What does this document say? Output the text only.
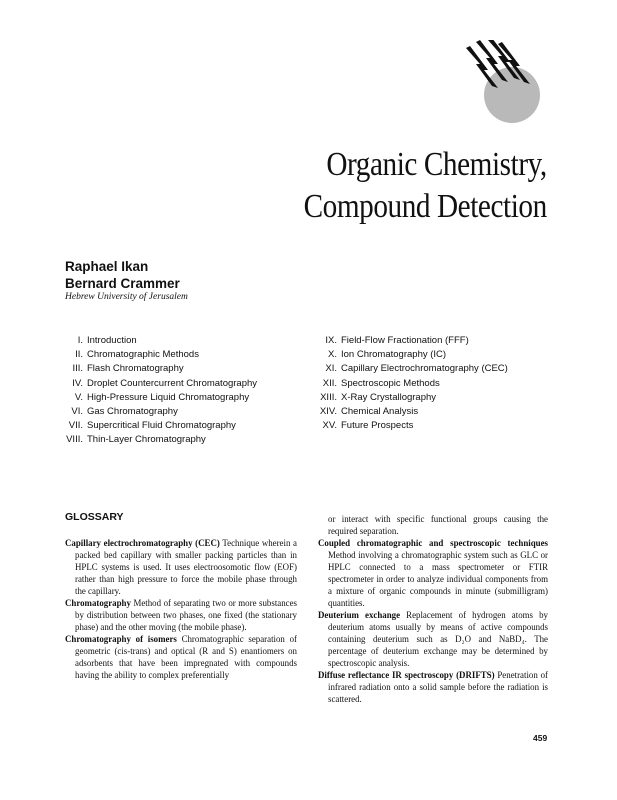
Organic Chemistry,
Compound Detection
Raphael Ikan
Bernard Crammer
Hebrew University of Jerusalem
I. Introduction
II. Chromatographic Methods
III. Flash Chromatography
IV. Droplet Countercurrent Chromatography
V. High-Pressure Liquid Chromatography
VI. Gas Chromatography
VII. Supercritical Fluid Chromatography
VIII. Thin-Layer Chromatography
IX. Field-Flow Fractionation (FFF)
X. Ion Chromatography (IC)
XI. Capillary Electrochromatography (CEC)
XII. Spectroscopic Methods
XIII. X-Ray Crystallography
XIV. Chemical Analysis
XV. Future Prospects
GLOSSARY

Capillary electrochromatography (CEC) Technique wherein a packed bed capillary with smaller packing particles than in HPLC systems is used. It uses electroosomotic flow (EOF) rather than high pressure to force the mobile phase through the capillary.

Chromatography Method of separating two or more substances by distribution between two phases, one fixed (the stationary phase) and the other moving (the mobile phase).

Chromatography of isomers Chromatographic separation of geometric (cis-trans) and optical (R and S) enantiomers on adsorbents that have been impregnated with compounds having the ability to complex preferentially

or interact with specific functional groups causing the required separation.

Coupled chromatographic and spectroscopic techniques Method involving a chromatographic system such as GLC or HPLC connected to a mass spectrometer or FTIR spectrometer in order to analyze individual components from a mixture of organic compounds in minute (submilligram) quantities.

Deuterium exchange Replacement of hydrogen atoms by deuterium atoms usually by means of active compounds containing deuterium such as D₂O and NaBD₄. The percentage of deuterium exchange may be determined by spectroscopic analysis.

Diffuse reflectance IR spectroscopy (DRIFTS) Penetration of infrared radiation onto a solid sample before the radiation is scattered.

459
